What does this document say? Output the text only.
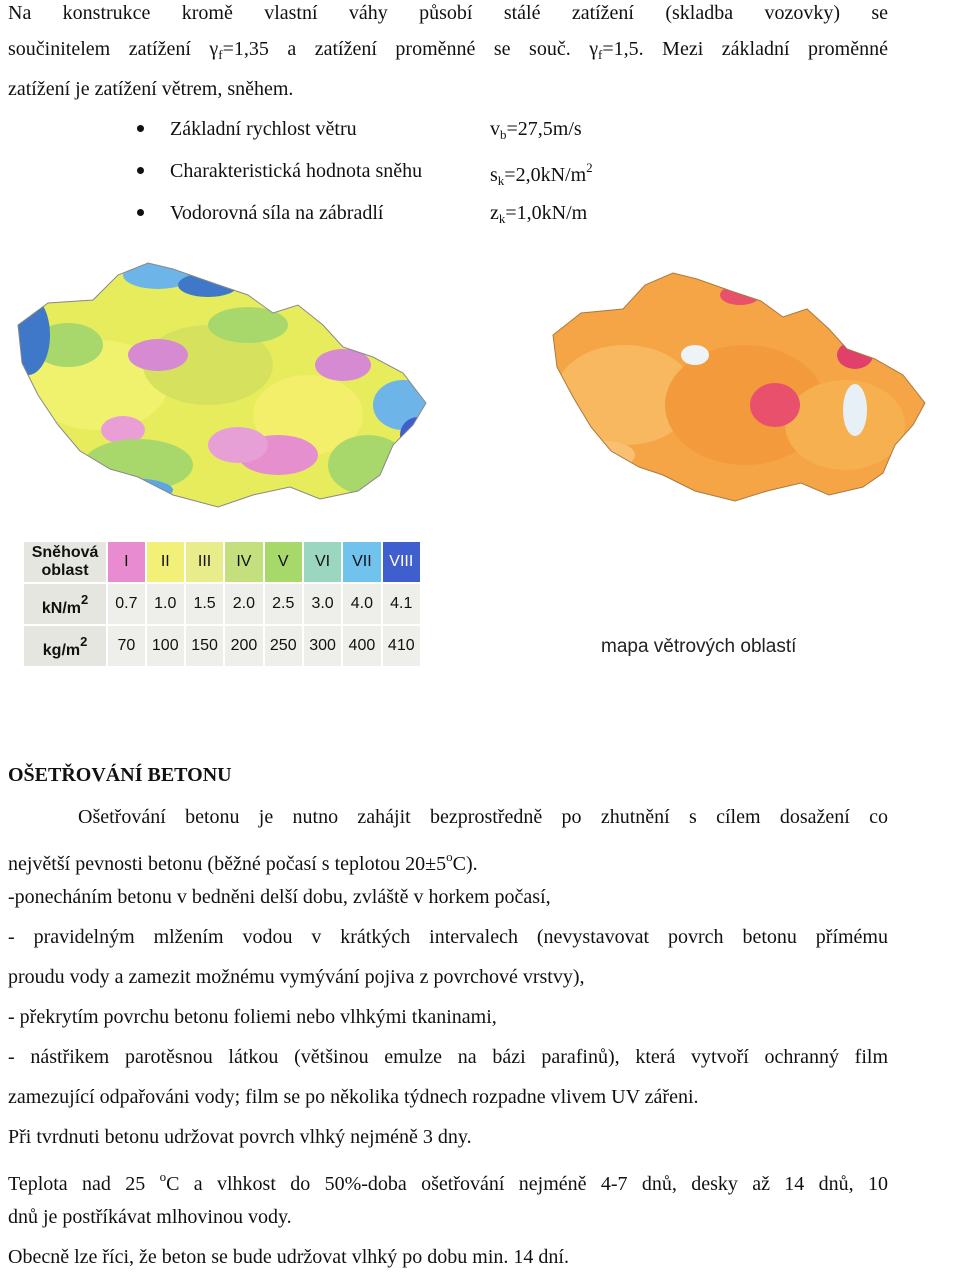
Na konstrukce kromě vlastní váhy působí stálé zatížení (skladba vozovky) se
součinitelem zatížení $\gamma_f=1,35$ a zatížení proměnné se souč. $\gamma_f=1,5$. Mezi základní proměnné
zatížení je zatížení větrem, sněhem.
Základní rychlost větru	$v_b=27,5m/s$
Charakteristická hodnota sněhu	$s_k=2,0kN/m^2$
Vodorovná síla na zábradlí	$z_k=1,0kN/m$
Sněhová oblast	I	II	III	IV	V	VI	VII	VIII
$kN/m^2$	0.7	1.0	1.5	2.0	2.5	3.0	4.0	4.1
$kg/m^2$	70	100	150	200	250	300	400	410	mapa větrových oblastí
OŠETŘOVÁNÍ BETONU
Ošetřování betonu je nutno zahájit bezprostředně po zhutnění s cílem dosažení co
největší pevnosti betonu (běžné počasí s teplotou $20\pm 5^oC$).
-ponecháním betonu v bedněni delší dobu, zvláště v horkem počasí,
- pravidelným mlžením vodou v krátkých intervalech (nevystavovat povrch betonu přímému
proudu vody a zamezit možnému vymývání pojiva z povrchové vrstvy),
- překrytím povrchu betonu foliemi nebo vlhkými tkaninami,
- nástřikem parotěsnou látkou (většinou emulze na bázi parafinů), která vytvoří ochranný film
zamezující odpařováni vody; film se po několika týdnech rozpadne vlivem UV zářeni.
Při tvrdnuti betonu udržovat povrch vlhký nejméně 3 dny.
Teplota nad 25 $^o$C a vlhkost do 50%-doba ošetřování nejméně 4-7 dnů, desky až 14 dnů, 10
dnů je postříkávat mlhovinou vody.
Obecně lze říci, že beton se bude udržovat vlhký po dobu min. 14 dní.
